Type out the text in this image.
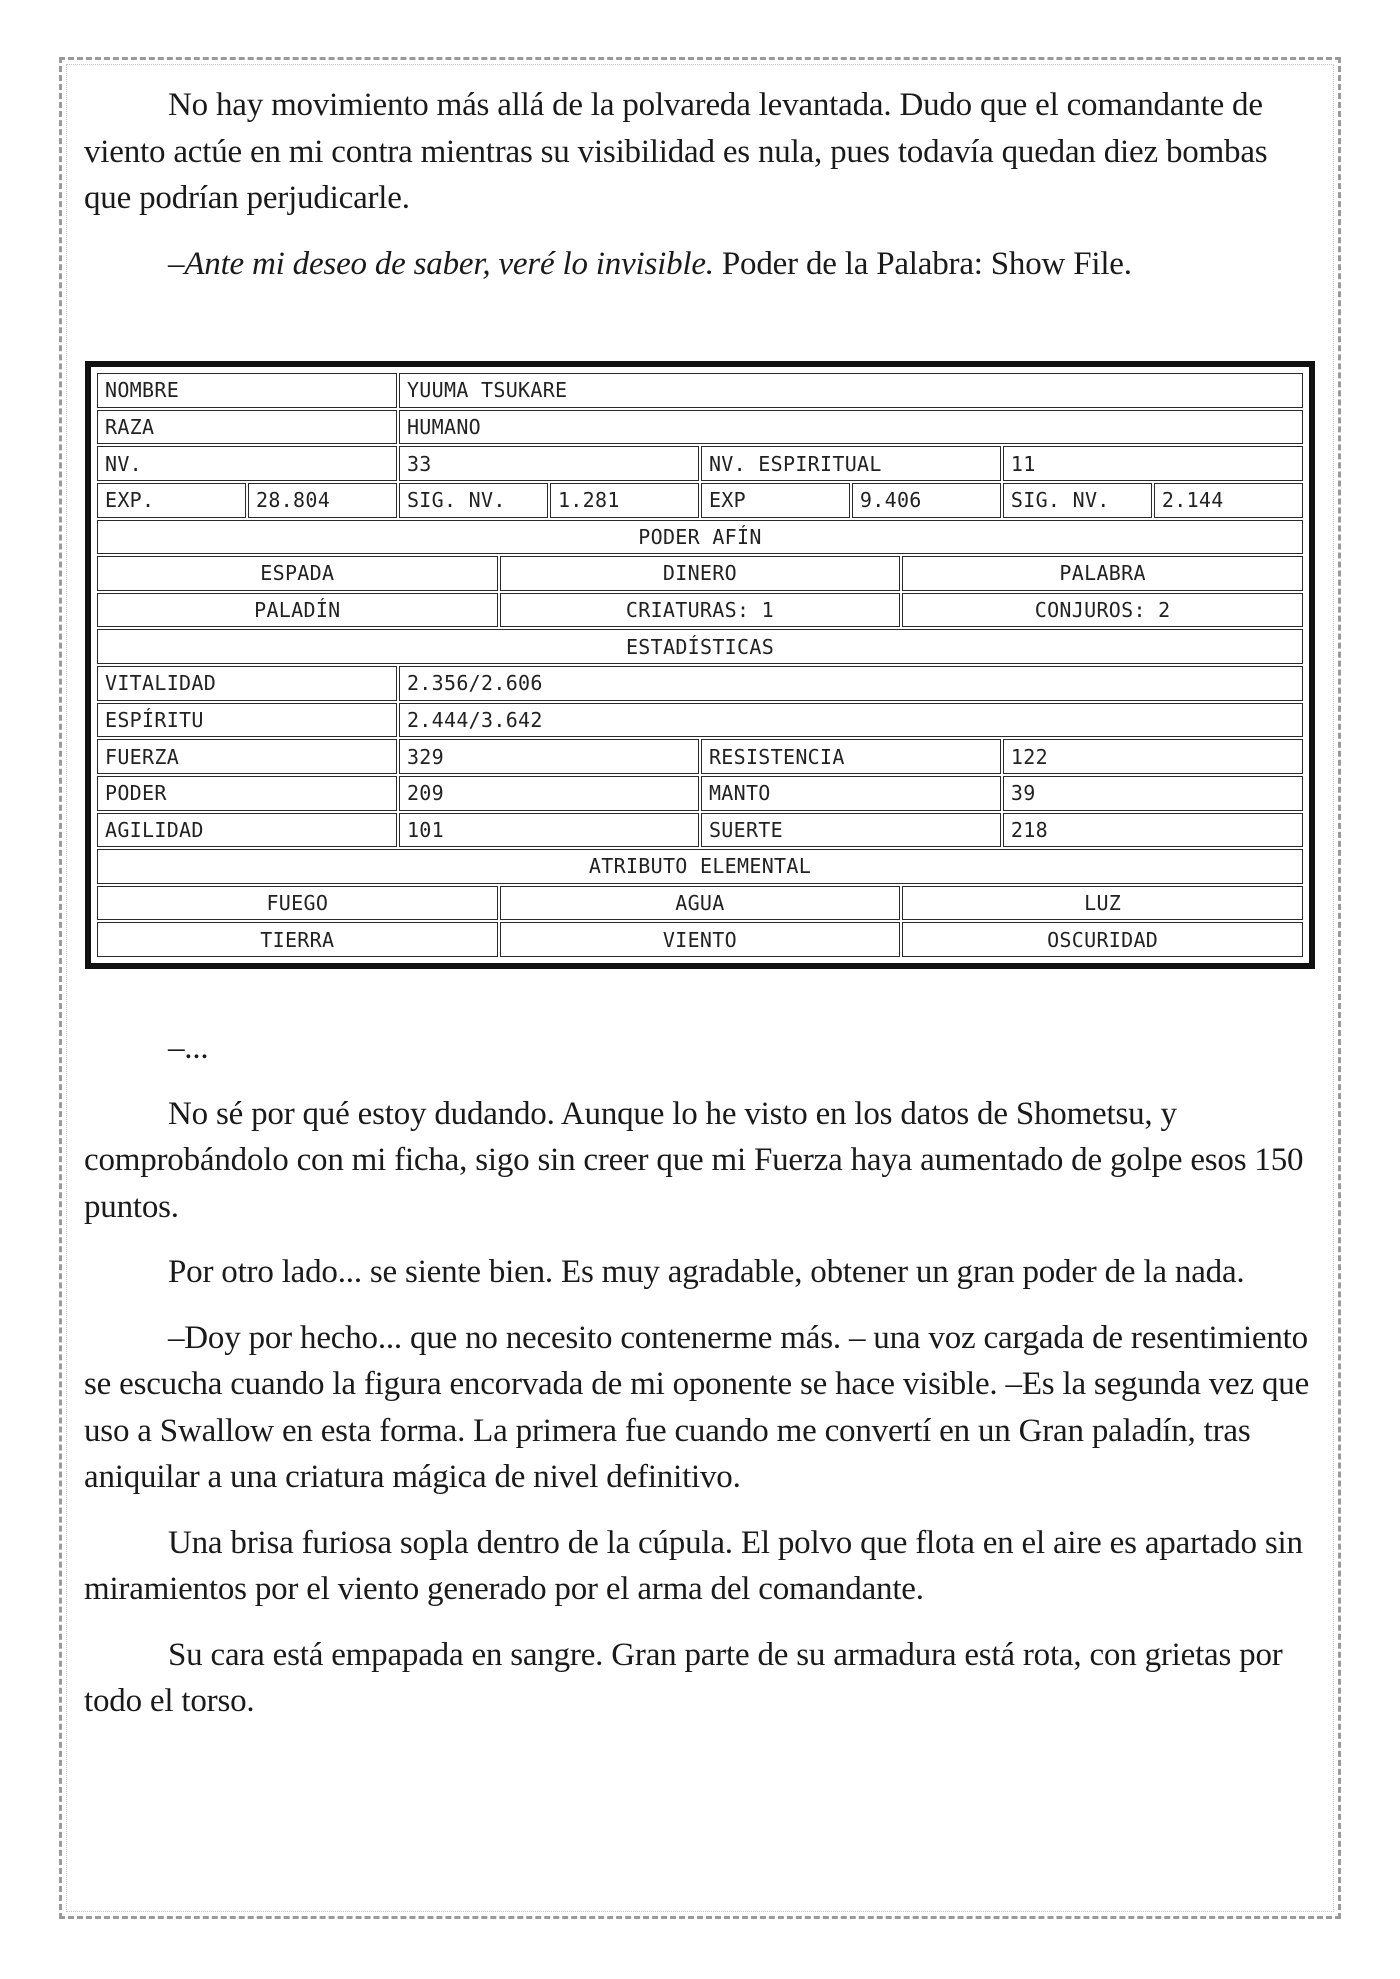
No hay movimiento más allá de la polvareda levantada. Dudo que el comandante de viento actúe en mi contra mientras su visibilidad es nula, pues todavía quedan diez bombas que podrían perjudicarle.

–Ante mi deseo de saber, veré lo invisible. Poder de la Palabra: Show File.

NOMBRE		YUUMA TSUKARE							
RAZA		HUMANO							
NV.		33			NV. ESPIRITUAL			11	
EXP.	28.804	SIG. NV.		1.281	EXP	9.406		SIG. NV.	2.144
PODER AFÍN									
ESPADA			DINERO				PALABRA		
PALADÍN			CRIATURAS: 1				CONJUROS: 2		
ESTADÍSTICAS									
VITALIDAD		2.356/2.606							
ESPÍRITU		2.444/3.642							
FUERZA		329			RESISTENCIA			122	
PODER		209			MANTO			39	
AGILIDAD		101			SUERTE			218	
ATRIBUTO ELEMENTAL									
FUEGO			AGUA				LUZ		
TIERRA			VIENTO				OSCURIDAD		

–...

No sé por qué estoy dudando. Aunque lo he visto en los datos de Shometsu, y comprobándolo con mi ficha, sigo sin creer que mi Fuerza haya aumentado de golpe esos 150 puntos.

Por otro lado... se siente bien. Es muy agradable, obtener un gran poder de la nada.

–Doy por hecho... que no necesito contenerme más. – una voz cargada de resentimiento se escucha cuando la figura encorvada de mi oponente se hace visible. –Es la segunda vez que uso a Swallow en esta forma. La primera fue cuando me convertí en un Gran paladín, tras aniquilar a una criatura mágica de nivel definitivo.

Una brisa furiosa sopla dentro de la cúpula. El polvo que flota en el aire es apartado sin miramientos por el viento generado por el arma del comandante.

Su cara está empapada en sangre. Gran parte de su armadura está rota, con grietas por todo el torso.
